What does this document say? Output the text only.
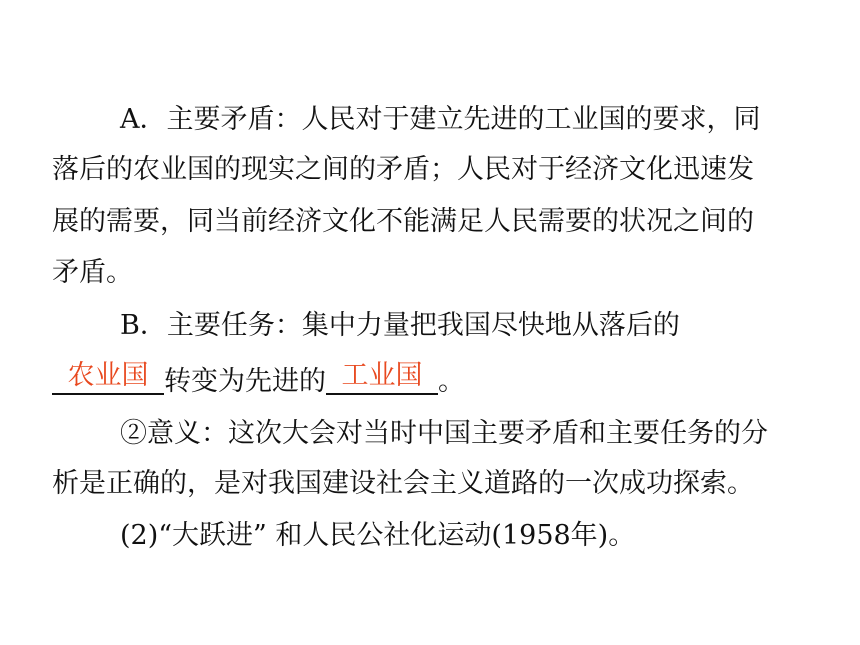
A．主要矛盾：人民对于建立先进的工业国的要求，同
落后的农业国的现实之间的矛盾；人民对于经济文化迅速发
展的需要，同当前经济文化不能满足人民需要的状况之间的
矛盾。
B．主要任务：集中力量把我国尽快地从落后的
农业国 转变为先进的 工业国 。
②意义：这次大会对当时中国主要矛盾和主要任务的分
析是正确的，是对我国建设社会主义道路的一次成功探索。
(2)“大跃进” 和人民公社化运动(1958年)。
